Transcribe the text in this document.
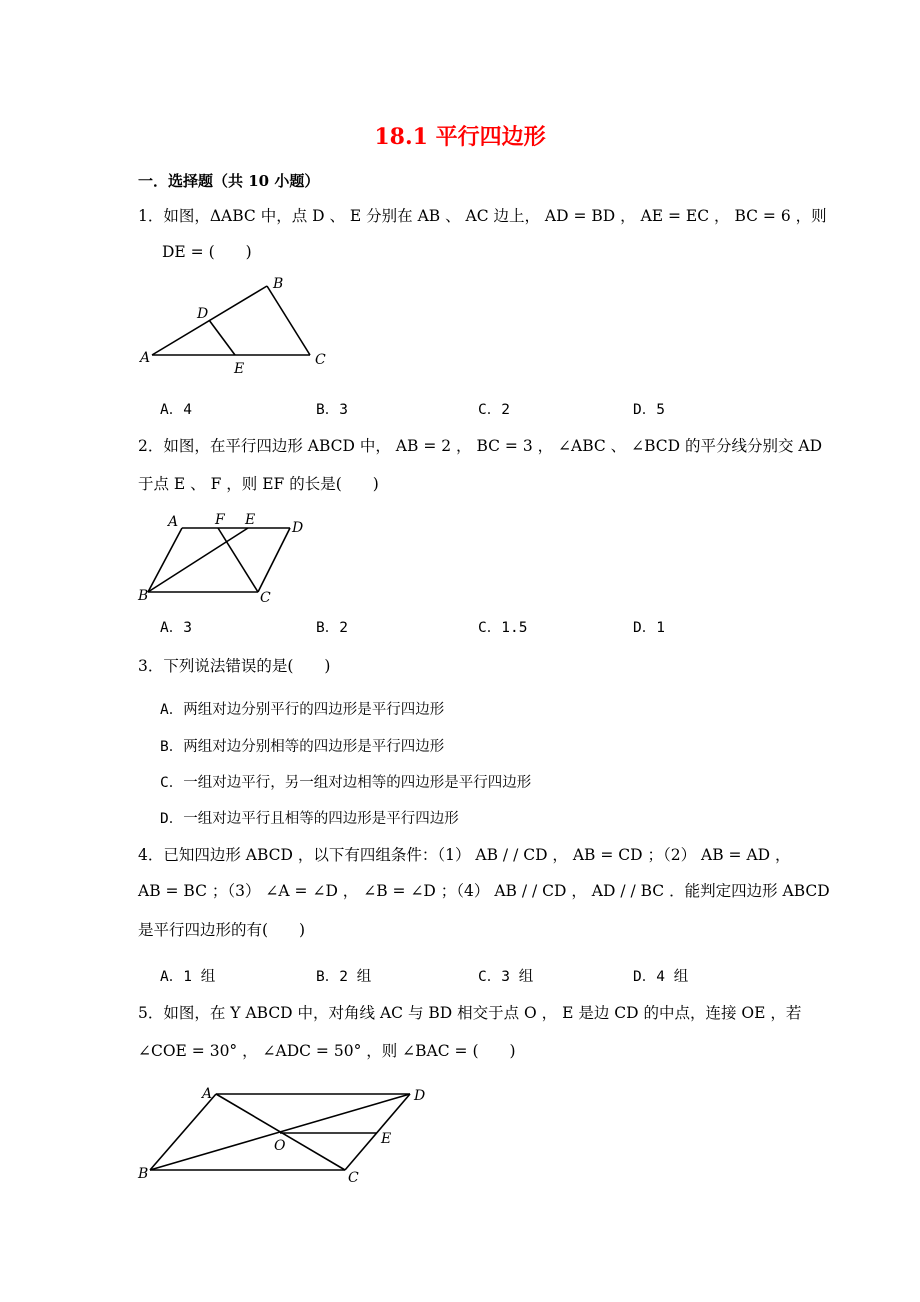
18.1 平行四边形
一．选择题（共 10 小题）
1．如图，ΔABC 中，点 D 、 E 分别在 AB 、 AC 边上， AD = BD ， AE = EC ， BC = 6 ，则
DE = (　　)
A
B
C
D
E
A．4	B．3	C．2	D．5
2．如图，在平行四边形 ABCD 中， AB = 2 ， BC = 3 ， ∠ABC 、 ∠BCD 的平分线分别交 AD
于点 E 、 F ，则 EF 的长是(　　)
A
B	C
D
E
F
A．3	B．2	C．1.5	D．1
3．下列说法错误的是(　　)
A．两组对边分别平行的四边形是平行四边形
B．两组对边分别相等的四边形是平行四边形
C．一组对边平行，另一组对边相等的四边形是平行四边形
D．一组对边平行且相等的四边形是平行四边形
4．已知四边形 ABCD ，以下有四组条件：（1） AB / / CD ， AB = CD ；（2） AB = AD ，
AB = BC ；（3） ∠A = ∠D ， ∠B = ∠D ；（4） AB / / CD ， AD / / BC ．能判定四边形 ABCD
是平行四边形的有(　　)
A．1 组	B．2 组	C．3 组	D．4 组
5．如图，在 Y ABCD 中，对角线 AC 与 BD 相交于点 O ， E 是边 CD 的中点，连接 OE ，若
∠COE = 30° ， ∠ADC = 50° ，则 ∠BAC = (　　)
A
B	C
D
E
O
